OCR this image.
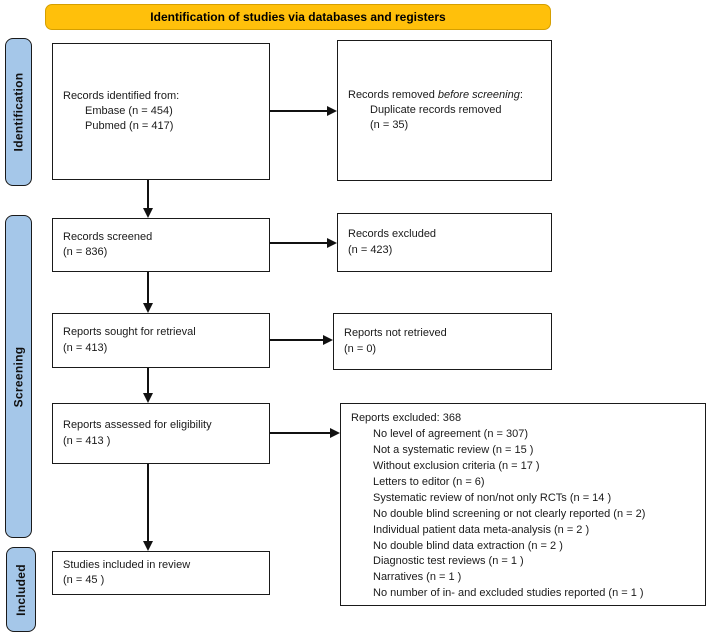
Identification of studies via databases and registers
Identification
Screening
Included
Records identified from:
Embase (n = 454)
Pubmed (n = 417)
Records screened
(n = 836)
Reports sought for retrieval
(n = 413)
Reports assessed for eligibility
(n = 413 )
Studies included in review
(n = 45 )
Records removed before screening:
Duplicate records removed
(n = 35)
Records excluded
(n = 423)
Reports not retrieved
(n = 0)
Reports excluded: 368
No level of agreement (n = 307)
Not a systematic review (n = 15 )
Without exclusion criteria (n = 17 )
Letters to editor (n = 6)
Systematic review of non/not only RCTs (n = 14 )
No double blind screening or not clearly reported (n = 2)
Individual patient data meta-analysis (n = 2 )
No double blind data extraction (n = 2 )
Diagnostic test reviews (n = 1 )
Narratives (n = 1 )
No number of in- and excluded studies reported (n = 1 )
